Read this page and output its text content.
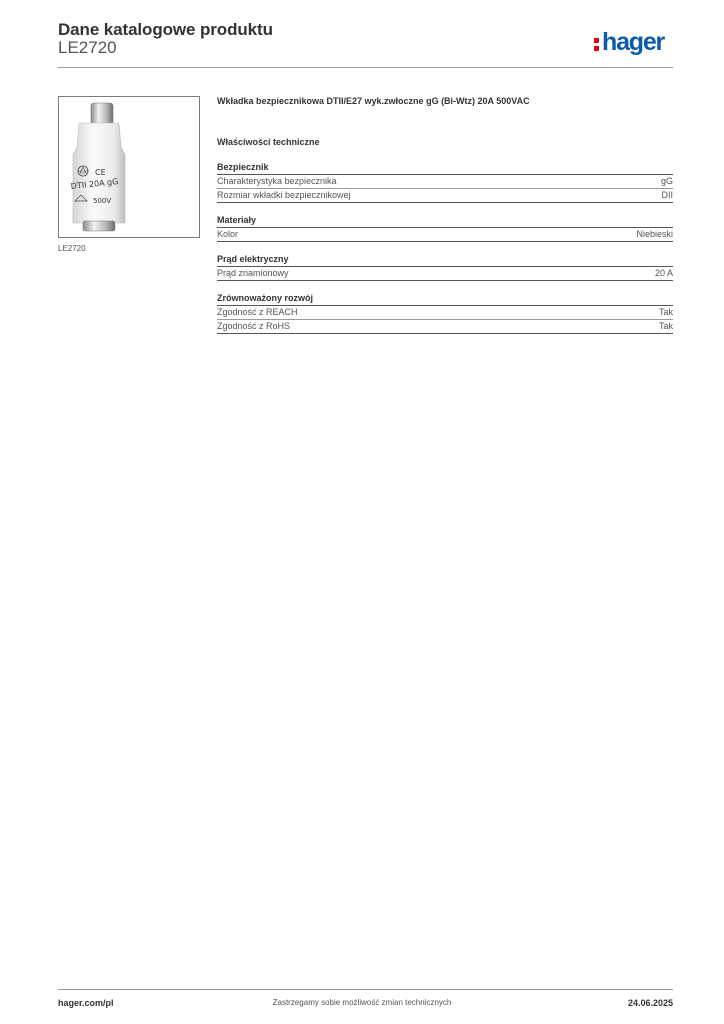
Dane katalogowe produktu
LE2720	hager
CE
DTII 20A gG
500V
LE2720
Wkładka bezpiecznikowa DTII/E27 wyk.zwłoczne gG (Bi-Wtz) 20A 500VAC
Właściwości techniczne
Bezpiecznik
Charakterystyka bezpiecznika	gG
Rozmiar wkładki bezpiecznikowej	DII
Materiały
Kolor	Niebieski
Prąd elektryczny
Prąd znamionowy	20 A
Zrównoważony rozwój
Zgodność z REACH	Tak
Zgodność z RoHS	Tak
hager.com/pl	Zastrzegamy sobie możliwość zmian technicznych	24.06.2025
